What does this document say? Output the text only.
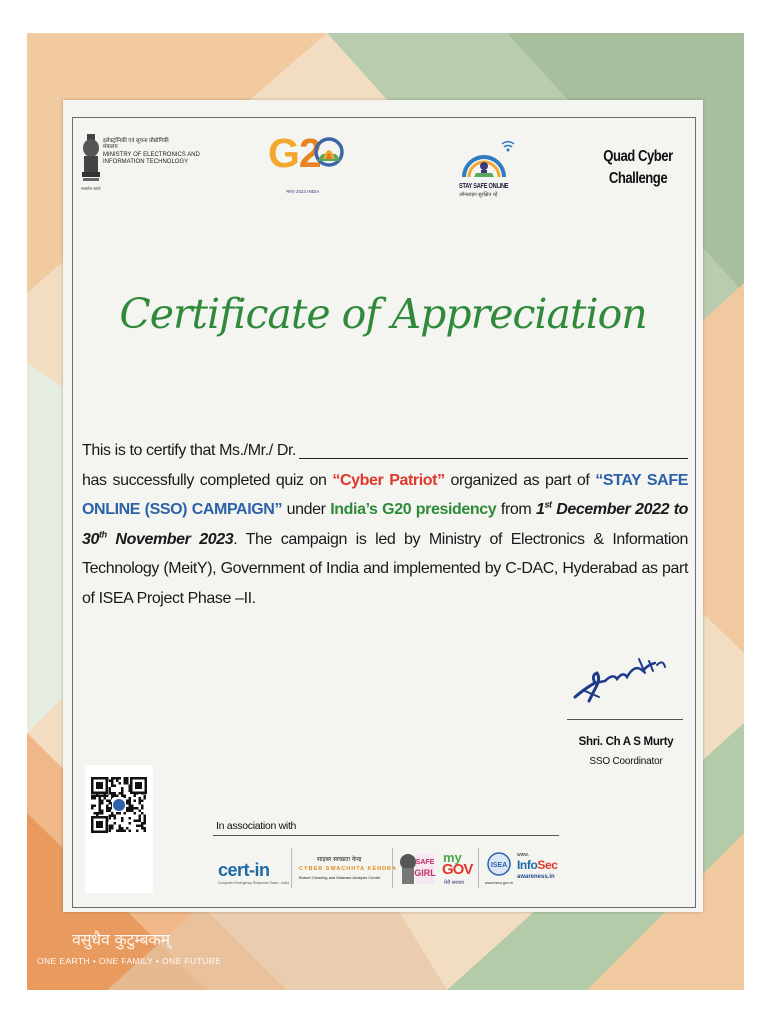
इलेक्ट्रॉनिकी एवं सूचना प्रौद्योगिकी मंत्रालय
MINISTRY OF ELECTRONICS AND INFORMATION TECHNOLOGY
सत्यमेव जयते
G2
भारत 2023 INDIA
STAY SAFE ONLINE
ऑनलाइन सुरक्षित रहें
Quad Cyber
Challenge
Certificate of Appreciation
This is to certify that Ms./Mr./ Dr.
has successfully completed quiz on “Cyber Patriot” organized as part of “STAY SAFE ONLINE (SSO) CAMPAIGN” under India’s G20 presidency from 1st December 2022 to 30th November 2023. The campaign is led by Ministry of Electronics & Information Technology (MeitY), Government of India and implemented by C-DAC, Hyderabad as part of ISEA Project Phase –II.
Shri. Ch A S Murty
SSO Coordinator
In association with
cert-in
Computer Emergency Response Team - India
साइबर स्वच्छता केन्द्र
CYBER SWACHHTA KENDRA
Botnet Cleaning and Malware Analysis Centre
SAFE
GIRL
my
GOV
मेरी सरकार
ISEA
www.isea.gov.in
www.
InfoSec
awareness.in
वसुधैव कुटुम्बकम्
ONE EARTH • ONE FAMILY • ONE FUTURE
